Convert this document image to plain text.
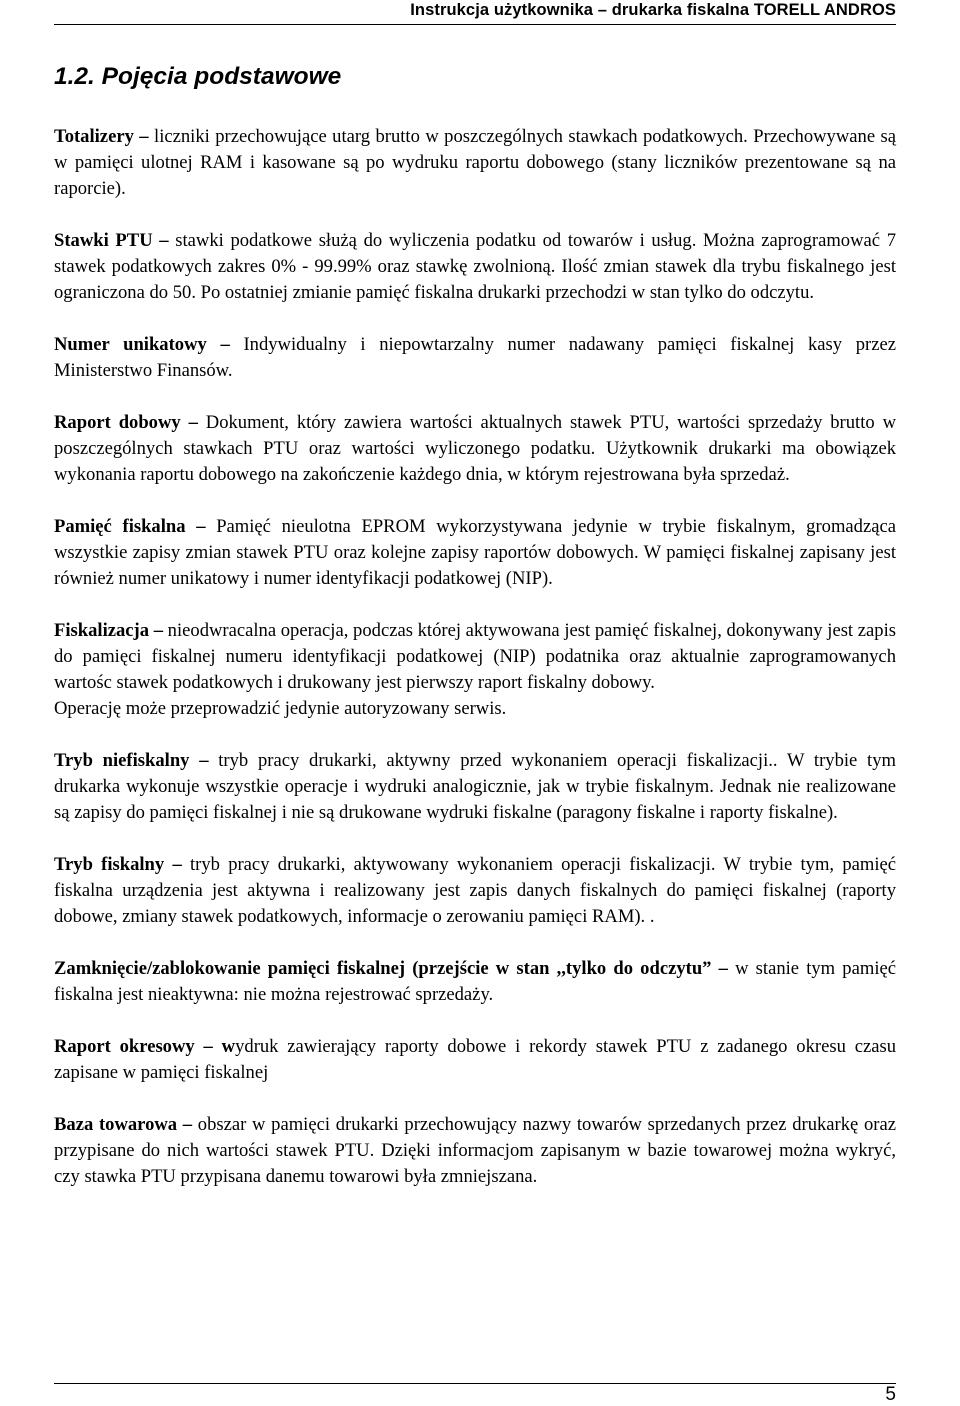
Instrukcja użytkownika – drukarka fiskalna TORELL ANDROS
1.2. Pojęcia podstawowe

Totalizery – liczniki przechowujące utarg brutto w poszczególnych stawkach podatkowych. Przechowywane są w pamięci ulotnej RAM i kasowane są po wydruku raportu dobowego (stany liczników prezentowane są na raporcie).

Stawki PTU – stawki podatkowe służą do wyliczenia podatku od towarów i usług. Można zaprogramować 7 stawek podatkowych zakres 0% - 99.99% oraz stawkę zwolnioną. Ilość zmian stawek dla trybu fiskalnego jest ograniczona do 50. Po ostatniej zmianie pamięć fiskalna drukarki przechodzi w stan tylko do odczytu.

Numer unikatowy – Indywidualny i niepowtarzalny numer nadawany pamięci fiskalnej kasy przez Ministerstwo Finansów.

Raport dobowy – Dokument, który zawiera wartości aktualnych stawek PTU, wartości sprzedaży brutto w poszczególnych stawkach PTU oraz wartości wyliczonego podatku. Użytkownik drukarki ma obowiązek wykonania raportu dobowego na zakończenie każdego dnia, w którym rejestrowana była sprzedaż.

Pamięć fiskalna – Pamięć nieulotna EPROM wykorzystywana jedynie w trybie fiskalnym, gromadząca wszystkie zapisy zmian stawek PTU oraz kolejne zapisy raportów dobowych. W pamięci fiskalnej zapisany jest również numer unikatowy i numer identyfikacji podatkowej (NIP).

Fiskalizacja – nieodwracalna operacja, podczas której aktywowana jest pamięć fiskalnej, dokonywany jest zapis do pamięci fiskalnej numeru identyfikacji podatkowej (NIP) podatnika oraz aktualnie zaprogramowanych wartośc stawek podatkowych i drukowany jest pierwszy raport fiskalny dobowy.

Operację może przeprowadzić jedynie autoryzowany serwis.

Tryb niefiskalny – tryb pracy drukarki, aktywny przed wykonaniem operacji fiskalizacji.. W trybie tym drukarka wykonuje wszystkie operacje i wydruki analogicznie, jak w trybie fiskalnym. Jednak nie realizowane są zapisy do pamięci fiskalnej i nie są drukowane wydruki fiskalne (paragony fiskalne i raporty fiskalne).

Tryb fiskalny – tryb pracy drukarki, aktywowany wykonaniem operacji fiskalizacji. W trybie tym, pamięć fiskalna urządzenia jest aktywna i realizowany jest zapis danych fiskalnych do pamięci fiskalnej (raporty dobowe, zmiany stawek podatkowych, informacje o zerowaniu pamięci RAM). .

Zamknięcie/zablokowanie pamięci fiskalnej (przejście w stan ,,tylko do odczytu” – w stanie tym pamięć fiskalna jest nieaktywna: nie można rejestrować sprzedaży.

Raport okresowy – wydruk zawierający raporty dobowe i rekordy stawek PTU z zadanego okresu czasu zapisane w pamięci fiskalnej

Baza towarowa – obszar w pamięci drukarki przechowujący nazwy towarów sprzedanych przez drukarkę oraz przypisane do nich wartości stawek PTU. Dzięki informacjom zapisanym w bazie towarowej można wykryć, czy stawka PTU przypisana danemu towarowi była zmniejszana.

5
